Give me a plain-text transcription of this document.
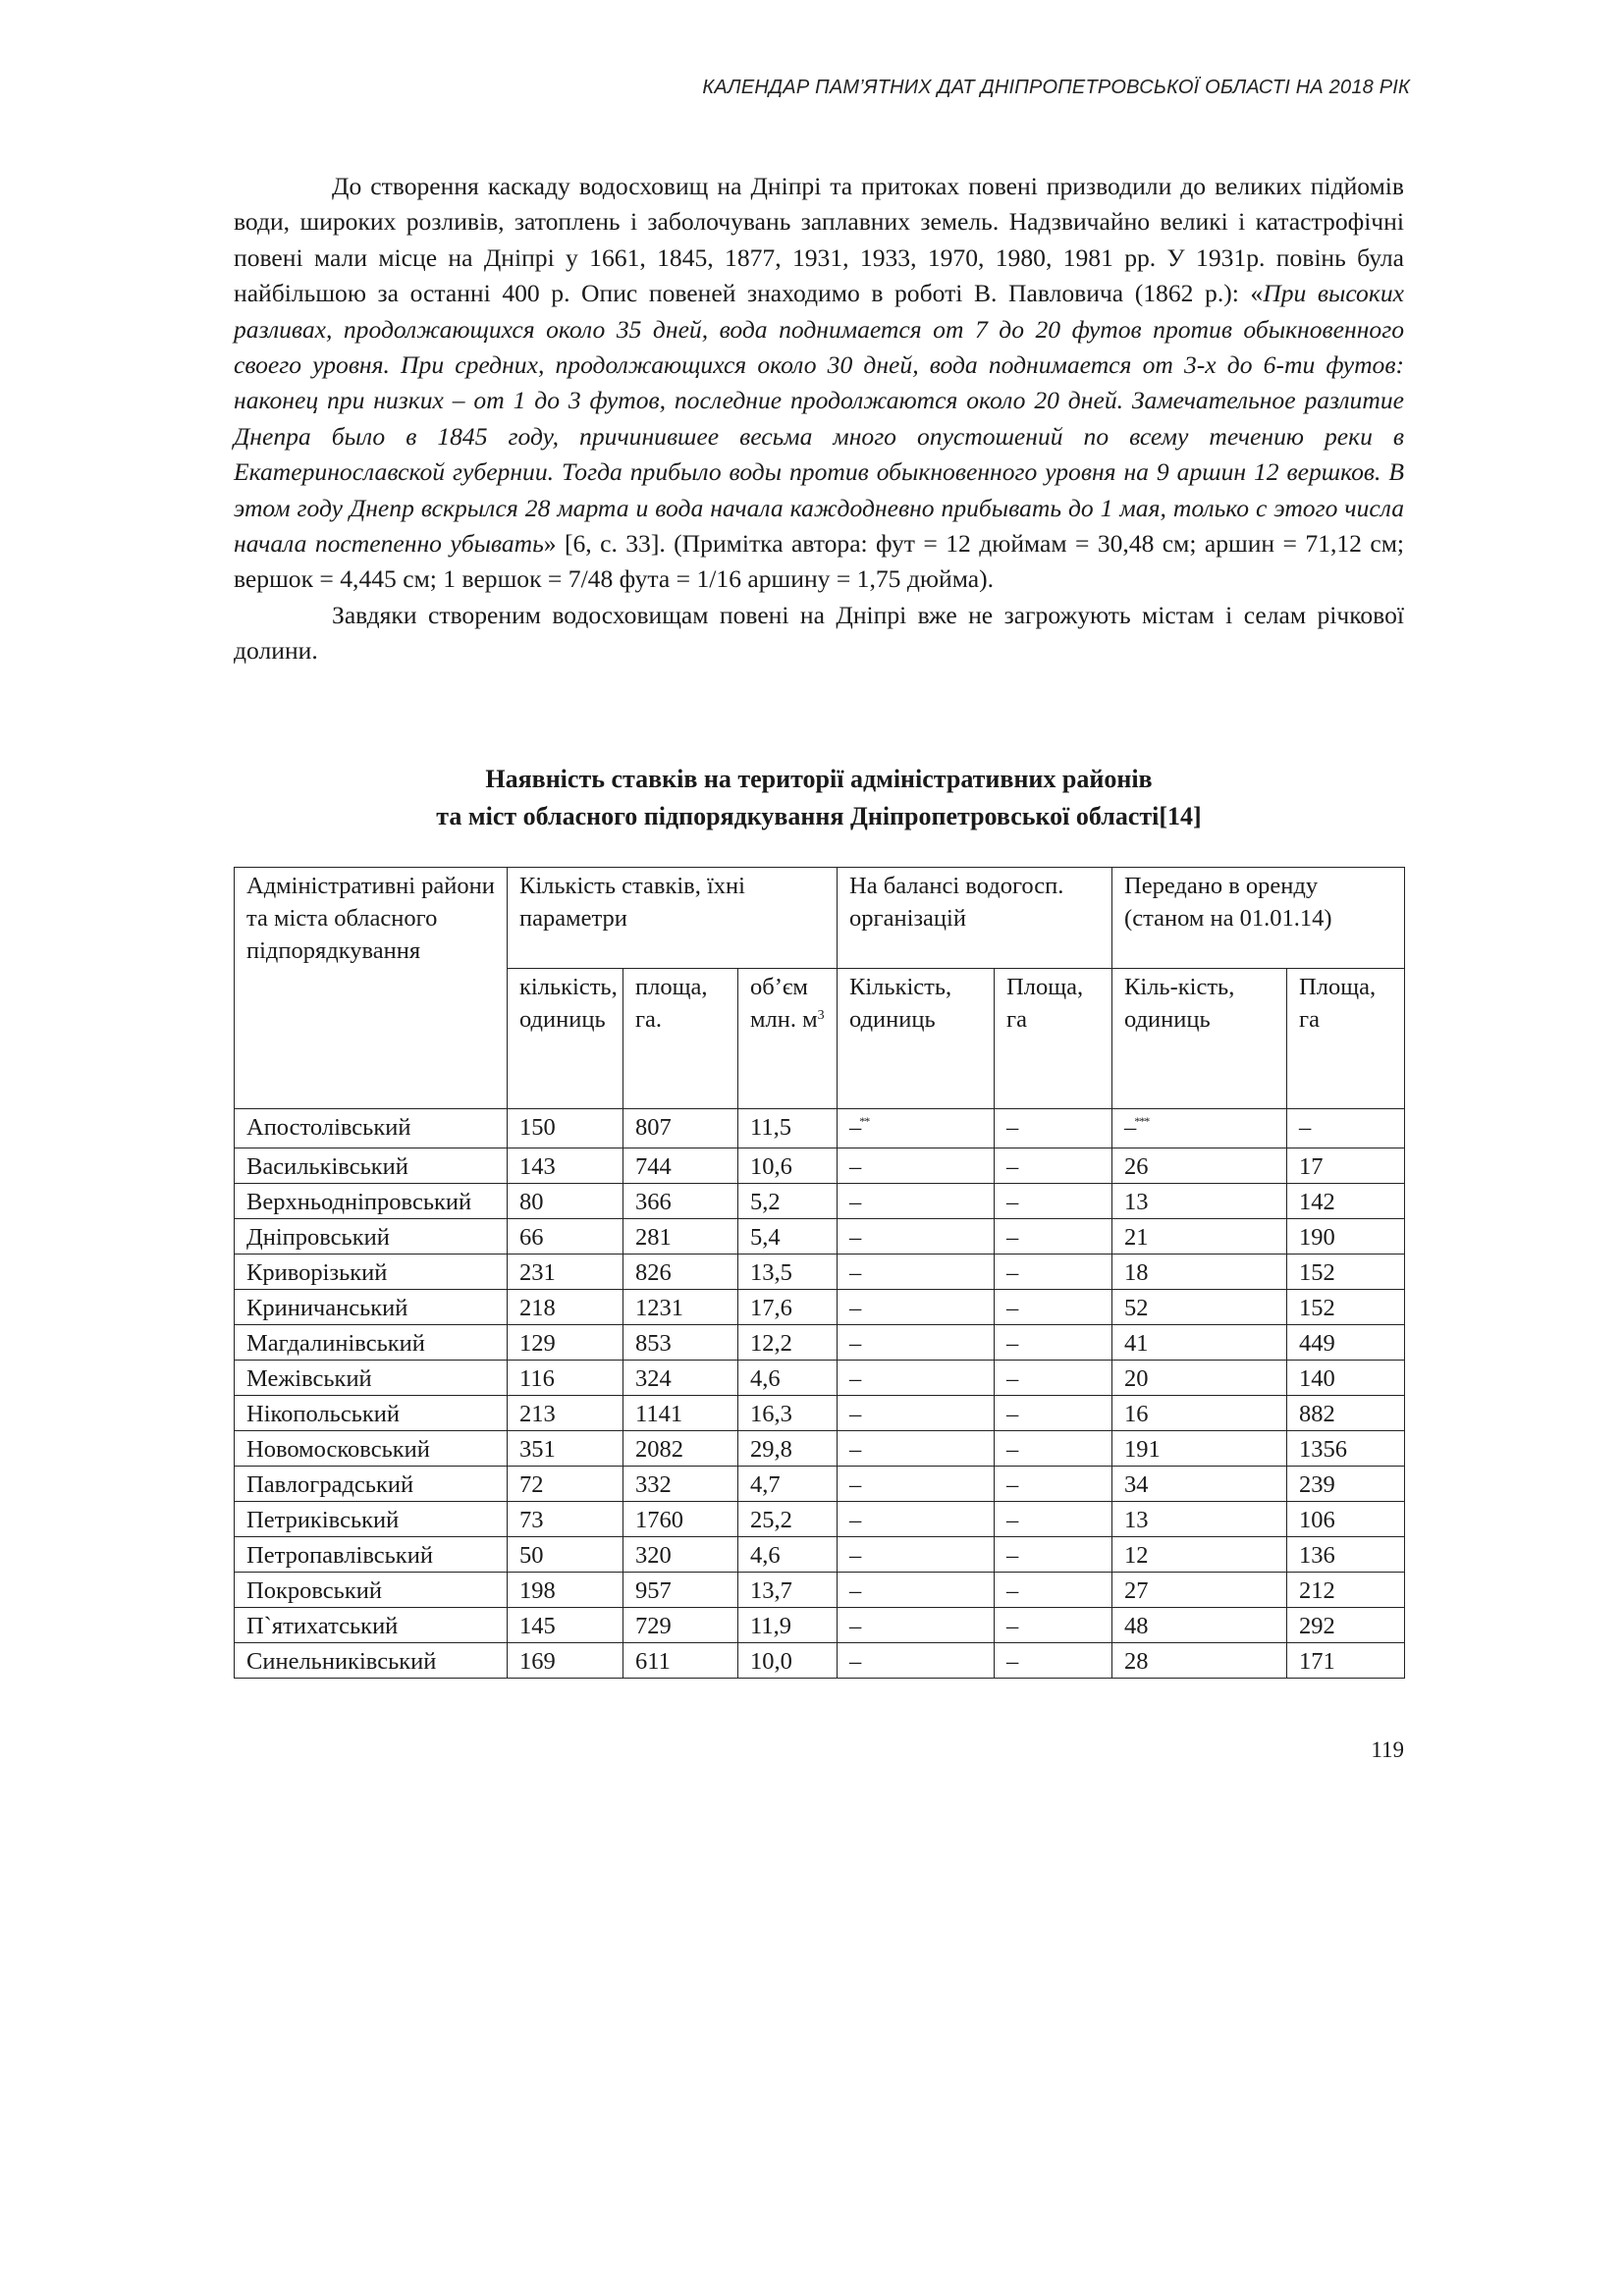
КАЛЕНДАР ПАМ’ЯТНИХ ДАТ ДНІПРОПЕТРОВСЬКОЇ ОБЛАСТІ НА 2018 РІК

До створення каскаду водосховищ на Дніпрі та притоках повені призводили до великих підйомів води, широких розливів, затоплень і заболочувань заплавних земель. Надзвичайно великі і катастрофічні повені мали місце на Дніпрі у 1661, 1845, 1877, 1931, 1933, 1970, 1980, 1981 рр. У 1931р. повінь була найбільшою за останні 400 р. Опис повеней знаходимо в роботі В. Павловича (1862 р.): «При высоких разливах, продолжающихся около 35 дней, вода поднимается от 7 до 20 футов против обыкновенного своего уровня. При средних, продолжающихся около 30 дней, вода поднимается от 3-х до 6-ти футов: наконец при низких – от 1 до 3 футов, последние продолжаются около 20 дней. Замечательное разлитие Днепра было в 1845 году, причинившее весьма много опустошений по всему течению реки в Екатеринославской губернии. Тогда прибыло воды против обыкновенного уровня на 9 аршин 12 вершков. В этом году Днепр вскрылся 28 марта и вода начала каждодневно прибывать до 1 мая, только с этого числа начала постепенно убывать» [6, с. 33]. (Примітка автора: фут = 12 дюймам = 30,48 см; аршин = 71,12 см; вершок = 4,445 см; 1 вершок = 7/48 фута = 1/16 аршину = 1,75 дюйма).

Завдяки створеним водосховищам повені на Дніпрі вже не загрожують містам і селам річкової долини.

Наявність ставків на території адміністративних районів
та міст обласного підпорядкування Дніпропетровської області[14]
Адміністративні райони та міста обласного підпорядкування	Кількість ставків, їхні параметри			На балансі водогосп. організацій		Передано в оренду (станом на 01.01.14)	
	кількість, одиниць	площа, га.	об’єм млн. $м^3$	Кількість, одиниць	Площа, га	Кіль-кість, одиниць	Площа, га
Апостолівський	150	807	11,5	–**	–	–***	–
Васильківський	143	744	10,6	–	–	26	17
Верхньодніпровський	80	366	5,2	–	–	13	142
Дніпровський	66	281	5,4	–	–	21	190
Криворізький	231	826	13,5	–	–	18	152
Криничанський	218	1231	17,6	–	–	52	152
Магдалинівський	129	853	12,2	–	–	41	449
Межівський	116	324	4,6	–	–	20	140
Нікопольський	213	1141	16,3	–	–	16	882
Новомосковський	351	2082	29,8	–	–	191	1356
Павлоградський	72	332	4,7	–	–	34	239
Петриківський	73	1760	25,2	–	–	13	106
Петропавлівський	50	320	4,6	–	–	12	136
Покровський	198	957	13,7	–	–	27	212
П`ятихатський	145	729	11,9	–	–	48	292
Синельниківський	169	611	10,0	–	–	28	171
119
